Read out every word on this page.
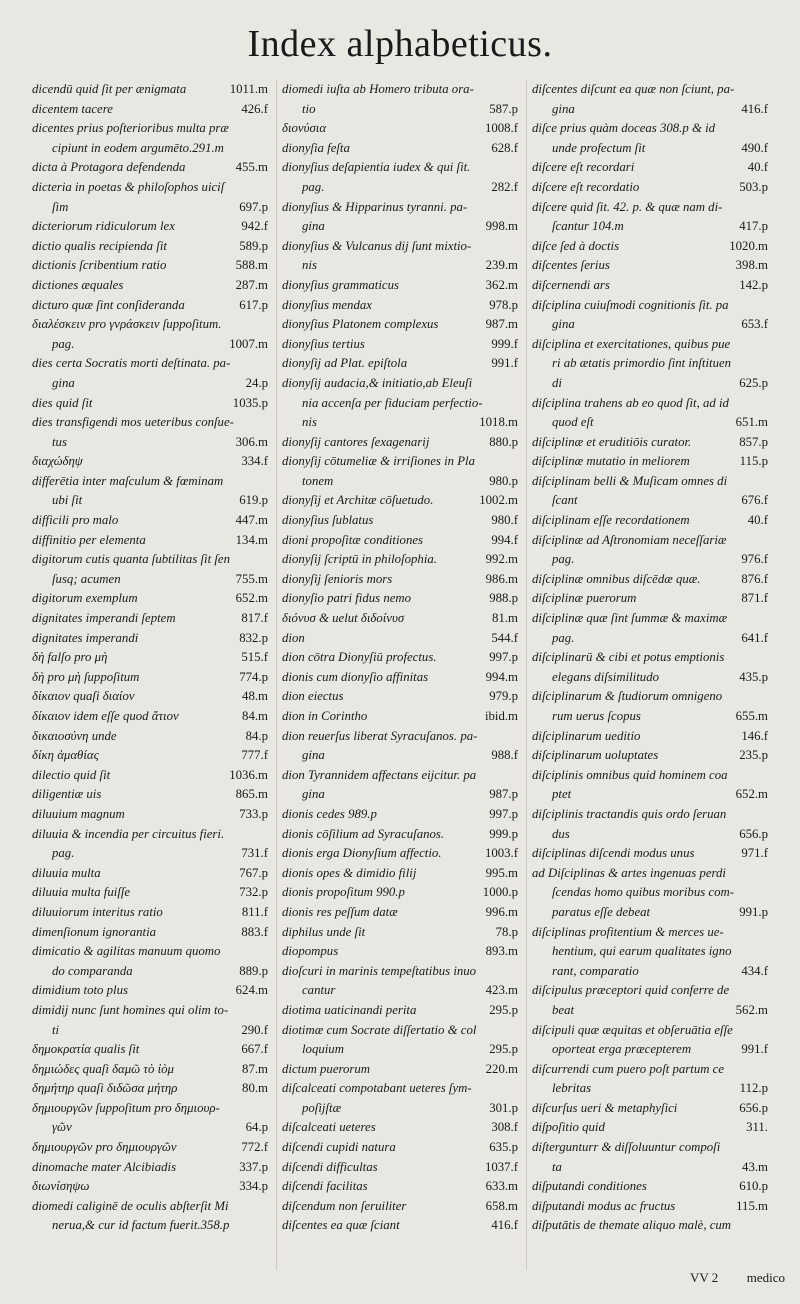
Index alphabeticus.
dicendū quid ſit per ænigmata	1011.m
dicentem tacere	426.f
dicentes prius poſterioribus multa præ
cipiunt in eodem argumēto.291.m
dicta à Protagora defendenda	455.m
dicteria in poetas & philoſophos uiciſ
ſim	697.p
dicteriorum ridiculorum lex	942.f
dictio qualis recipienda ſit	589.p
dictionis ſcribentium ratio	588.m
dictiones æquales	287.m
dicturo quæ ſint conſideranda	617.p
διαλέσκειν pro γνράσκειν ſuppoſitum.
pag.	1007.m
dies certa Socratis morti deſtinata. pa-
gina	24.p
dies quid ſit	1035.p
dies transfigendi mos ueteribus conſue-
tus	306.m
διαχώδηψ	334.f
differētia inter maſculum & fœminam
ubi ſit	619.p
difficili pro malo	447.m
diffinitio per elementa	134.m
digitorum cutis quanta ſubtilitas ſit ſen
ſusq; acumen	755.m
digitorum exemplum	652.m
dignitates imperandi ſeptem	817.f
dignitates imperandi	832.p
δὴ falſo pro μὴ	515.f
δὴ pro μὴ ſuppoſitum	774.p
δίκαιον quaſi διαίον	48.m
δίκαιον idem eſſe quod ἄτιον	84.m
δικαιοσύνη unde	84.p
δίκη ἀμαθίας	777.f
dilectio quid ſit	1036.m
diligentiæ uis	865.m
diluuium magnum	733.p
diluuia & incendia per circuitus fieri.
pag.	731.f
diluuia multa	767.p
diluuia multa fuiſſe	732.p
diluuiorum interitus ratio	811.f
dimenſionum ignorantia	883.f
dimicatio & agilitas manuum quomo
do comparanda	889.p
dimidium toto plus	624.m
dimidij nunc ſunt homines qui olim to-
ti	290.f
δημοκρατία qualis ſit	667.f
δημιώδες quaſi δαμῶ τὸ ἰὸμ	87.m
δημήτηρ quaſi διδῶσα μήτηρ	80.m
δημιουργῶν ſuppoſitum pro δημιουρ-
γῶν	64.p
δημιουργῶν pro δημιουργῶν	772.f
dinomache mater Alcibiadis	337.p
διωνίσηψω	334.p
diomedi caliginē de oculis abſterſit Mi
nerua,& cur id factum fuerit.358.p
diomedi iuſta ab Homero tributa ora-
tio	587.p
διονύσια	1008.f
dionyſia feſta	628.f
dionyſius deſapientia iudex & qui ſit.
pag.	282.f
dionyſius & Hipparinus tyranni. pa-
gina	998.m
dionyſius & Vulcanus dij ſunt mixtio-
nis	239.m
dionyſius grammaticus	362.m
dionyſius mendax	978.p
dionyſius Platonem complexus	987.m
dionyſius tertius	999.f
dionyſij ad Plat. epiſtola	991.f
dionyſij audacia,& initiatio,ab Eleuſi
nia accenſa per fiduciam perfectio-
nis	1018.m
dionyſij cantores ſexagenarij	880.p
dionyſij cōtumeliæ & irriſiones in Pla
tonem	980.p
dionyſij et Architæ cōſuetudo.	1002.m
dionyſius ſublatus	980.f
dioni propoſitæ conditiones	994.f
dionyſij ſcriptū in philoſophia.	992.m
dionyſij ſenioris mors	986.m
dionyſio patri fidus nemo	988.p
διόνυσ & uelut διδοίνυσ	81.m
dion	544.f
dion cōtra Dionyſiū profectus.	997.p
dionis cum dionyſio affinitas	994.m
dion eiectus	979.p
dion in Corintho	ibid.m
dion reuerſus liberat Syracuſanos. pa-
gina	988.f
dion Tyrannidem affectans eijcitur. pa
gina	987.p
dionis cedes 989.p	997.p
dionis cōſilium ad Syracuſanos.	999.p
dionis erga Dionyſium affectio.	1003.f
dionis opes & dimidio filij	995.m
dionis propoſitum 990.p	1000.p
dionis res peſſum datæ	996.m
diphilus unde ſit	78.p
diopompus	893.m
dioſcuri in marinis tempeſtatibus inuo
cantur	423.m
diotima uaticinandi perita	295.p
diotimæ cum Socrate diſſertatio & col
loquium	295.p
dictum puerorum	220.m
diſcalceati compotabant ueteres ſym-
poſijſtæ	301.p
diſcalceati ueteres	308.f
diſcendi cupidi natura	635.p
diſcendi difficultas	1037.f
diſcendi facilitas	633.m
diſcendum non ſeruiliter	658.m
diſcentes ea quæ ſciant	416.f
diſcentes diſcunt ea quæ non ſciunt, pa-
gina	416.f
diſce prius quàm doceas 308.p & id
unde profectum ſit	490.f
diſcere eſt recordari	40.f
diſcere eſt recordatio	503.p
diſcere quid ſit. 42. p. & quæ nam di-
ſcantur 104.m	417.p
diſce ſed à doctis	1020.m
diſcentes ſerius	398.m
diſcernendi ars	142.p
diſciplina cuiuſmodi cognitionis ſit. pa
gina	653.f
diſciplina et exercitationes, quibus pue
ri ab ætatis primordio ſint inſtituen
di	625.p
diſciplina trahens ab eo quod ſit, ad id
quod eſt	651.m
diſciplinæ et eruditiōis curator.	857.p
diſciplinæ mutatio in meliorem	115.p
diſciplinam belli & Muſicam omnes di
ſcant	676.f
diſciplinam eſſe recordationem	40.f
diſciplinæ ad Aſtronomiam neceſſariæ
pag.	976.f
diſciplinæ omnibus diſcēdæ quæ.	876.f
diſciplinæ puerorum	871.f
diſciplinæ quæ ſint ſummæ & maximæ
pag.	641.f
diſciplinarū & cibi et potus emptionis
elegans diſsimilitudo	435.p
diſciplinarum & ſtudiorum omnigeno
rum uerus ſcopus	655.m
diſciplinarum ueditio	146.f
diſciplinarum uoluptates	235.p
diſciplinis omnibus quid hominem coa
ptet	652.m
diſciplinis tractandis quis ordo ſeruan
dus	656.p
diſciplinas diſcendi modus unus	971.f
ad Diſciplinas & artes ingenuas perdi
ſcendas homo quibus moribus com-
paratus eſſe debeat	991.p
diſciplinas profitentium & merces ue-
hentium, qui earum qualitates igno
rant, comparatio	434.f
diſcipulus præceptori quid conferre de
beat	562.m
diſcipuli quæ æquitas et obſeruātia eſſe
oporteat erga præcepterem	991.f
diſcurrendi cum puero poſt partum ce
lebritas	112.p
diſcurſus ueri & metaphyſici	656.p
diſpoſitio quid	311.
diſtergunturr & diſſoluuntur compoſi
ta	43.m
diſputandi conditiones	610.p
diſputandi modus ac fructus	115.m
diſputātis de themate aliquo malè, cum
VV 2 medico
